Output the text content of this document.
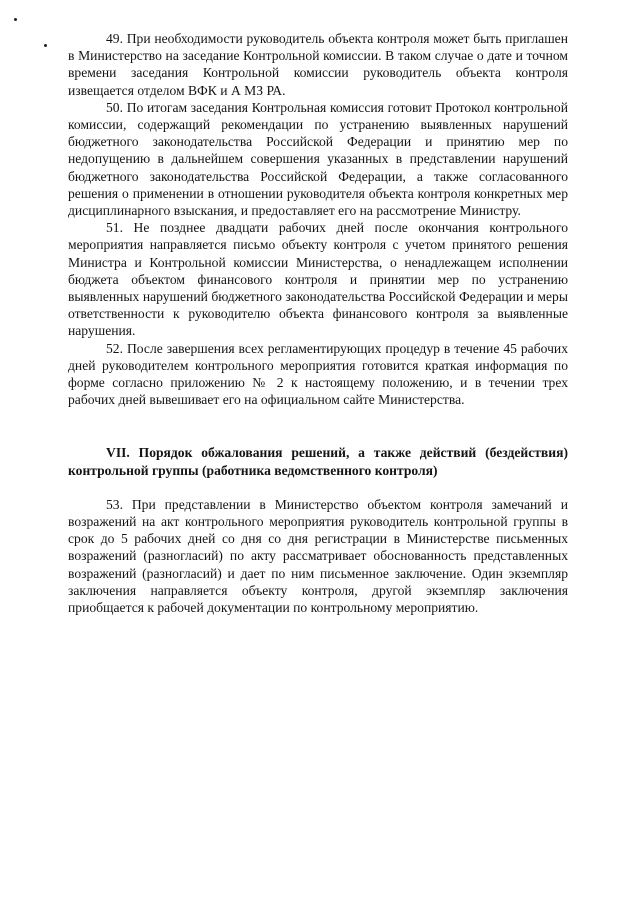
49. При необходимости руководитель объекта контроля может быть приглашен в Министерство на заседание Контрольной комиссии. В таком случае о дате и точном времени заседания Контрольной комиссии руководитель объекта контроля извещается отделом ВФК и А МЗ РА.

50. По итогам заседания Контрольная комиссия готовит Протокол контрольной комиссии, содержащий рекомендации по устранению выявленных нарушений бюджетного законодательства Российской Федерации и принятию мер по недопущению в дальнейшем совершения указанных в представлении нарушений бюджетного законодательства Российской Федерации, а также согласованного решения о применении в отношении руководителя объекта контроля конкретных мер дисциплинарного взыскания, и предоставляет его на рассмотрение Министру.

51. Не позднее двадцати рабочих дней после окончания контрольного мероприятия направляется письмо объекту контроля с учетом принятого решения Министра и Контрольной комиссии Министерства, о ненадлежащем исполнении бюджета объектом финансового контроля и принятии мер по устранению выявленных нарушений бюджетного законодательства Российской Федерации и меры ответственности к руководителю объекта финансового контроля за выявленные нарушения.

52. После завершения всех регламентирующих процедур в течение 45 рабочих дней руководителем контрольного мероприятия готовится краткая информация по форме согласно приложению № 2 к настоящему положению, и в течении трех рабочих дней вывешивает его на официальном сайте Министерства.

VII. Порядок обжалования решений, а также действий (бездействия) контрольной группы (работника ведомственного контроля)

53. При представлении в Министерство объектом контроля замечаний и возражений на акт контрольного мероприятия руководитель контрольной группы в срок до 5 рабочих дней со дня со дня регистрации в Министерстве письменных возражений (разногласий) по акту рассматривает обоснованность представленных возражений (разногласий) и дает по ним письменное заключение. Один экземпляр заключения направляется объекту контроля, другой экземпляр заключения приобщается к рабочей документации по контрольному мероприятию.
